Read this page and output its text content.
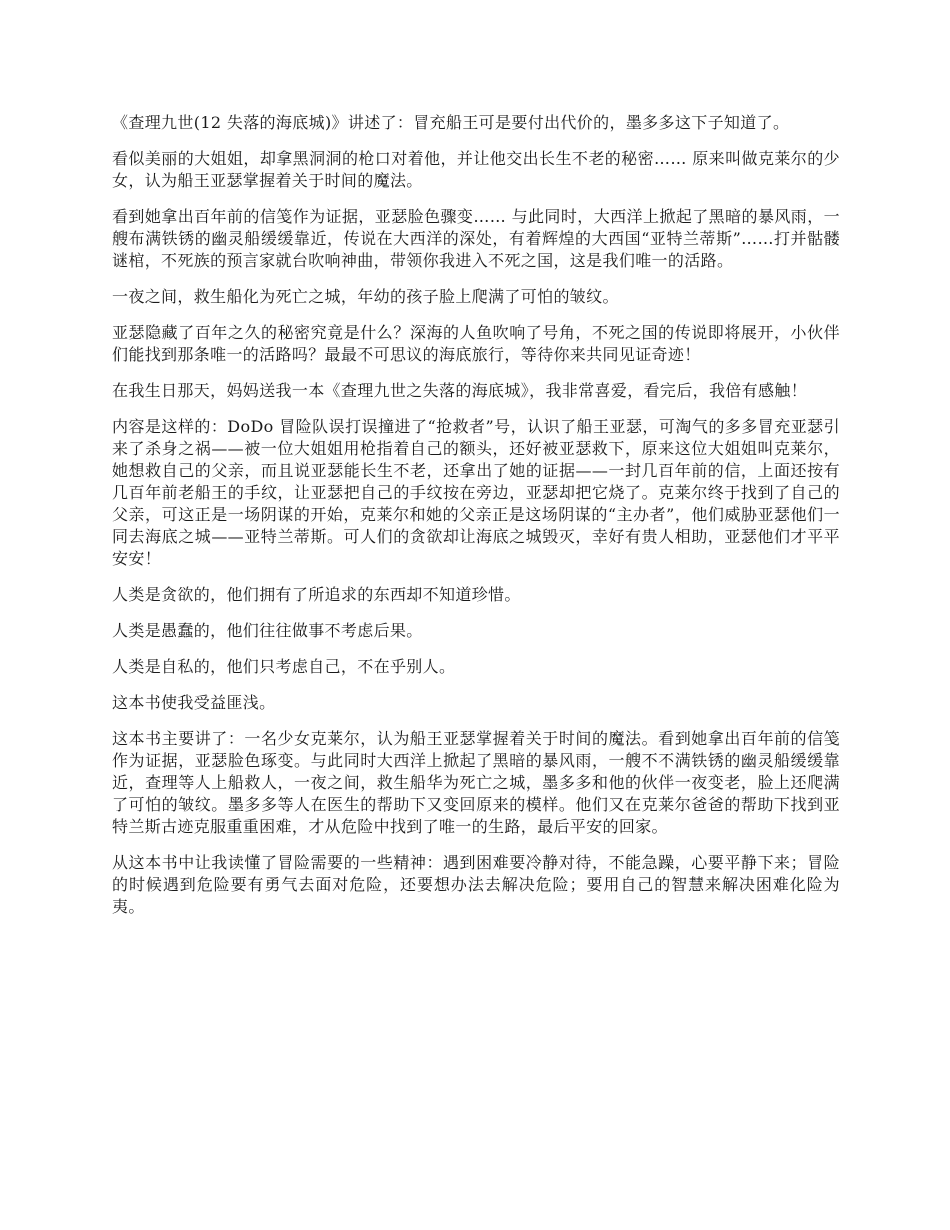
《查理九世(12 失落的海底城)》讲述了：冒充船王可是要付出代价的，墨多多这下子知道了。

看似美丽的大姐姐，却拿黑洞洞的枪口对着他，并让他交出长生不老的秘密…… 原来叫做克莱尔的少女，认为船王亚瑟掌握着关于时间的魔法。

看到她拿出百年前的信笺作为证据，亚瑟脸色骤变…… 与此同时，大西洋上掀起了黑暗的暴风雨，一艘布满铁锈的幽灵船缓缓靠近，传说在大西洋的深处，有着辉煌的大西国“亚特兰蒂斯”……打并骷髅谜棺，不死族的预言家就台吹响神曲，带领你我进入不死之国，这是我们唯一的活路。

一夜之间，救生船化为死亡之城，年幼的孩子脸上爬满了可怕的皱纹。

亚瑟隐藏了百年之久的秘密究竟是什么？深海的人鱼吹响了号角，不死之国的传说即将展开，小伙伴们能找到那条唯一的活路吗？最最不可思议的海底旅行，等待你来共同见证奇迹！

在我生日那天，妈妈送我一本《查理九世之失落的海底城》，我非常喜爱，看完后，我倍有感触！

内容是这样的：DoDo 冒险队误打误撞进了“抢救者”号，认识了船王亚瑟，可淘气的多多冒充亚瑟引来了杀身之祸——被一位大姐姐用枪指着自己的额头，还好被亚瑟救下，原来这位大姐姐叫克莱尔，她想救自己的父亲，而且说亚瑟能长生不老，还拿出了她的证据——一封几百年前的信，上面还按有几百年前老船王的手纹，让亚瑟把自己的手纹按在旁边，亚瑟却把它烧了。克莱尔终于找到了自己的父亲，可这正是一场阴谋的开始，克莱尔和她的父亲正是这场阴谋的“主办者”，他们威胁亚瑟他们一同去海底之城——亚特兰蒂斯。可人们的贪欲却让海底之城毁灭，幸好有贵人相助，亚瑟他们才平平安安！

人类是贪欲的，他们拥有了所追求的东西却不知道珍惜。

人类是愚蠢的，他们往往做事不考虑后果。

人类是自私的，他们只考虑自己，不在乎别人。

这本书使我受益匪浅。

这本书主要讲了：一名少女克莱尔，认为船王亚瑟掌握着关于时间的魔法。看到她拿出百年前的信笺作为证据，亚瑟脸色琢变。与此同时大西洋上掀起了黑暗的暴风雨，一艘不不满铁锈的幽灵船缓缓靠近，查理等人上船救人，一夜之间，救生船华为死亡之城，墨多多和他的伙伴一夜变老，脸上还爬满了可怕的皱纹。墨多多等人在医生的帮助下又变回原来的模样。他们又在克莱尔爸爸的帮助下找到亚特兰斯古迹克服重重困难，才从危险中找到了唯一的生路，最后平安的回家。

从这本书中让我读懂了冒险需要的一些精神：遇到困难要冷静对待，不能急躁，心要平静下来；冒险的时候遇到危险要有勇气去面对危险，还要想办法去解决危险；要用自己的智慧来解决困难化险为夷。
